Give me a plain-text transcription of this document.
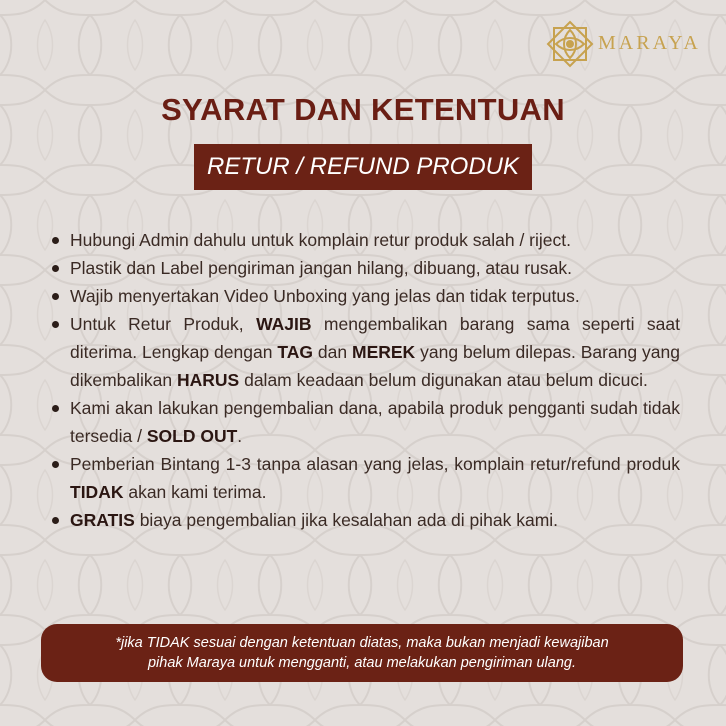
MARAYA
SYARAT DAN KETENTUAN
RETUR / REFUND PRODUK
Hubungi Admin dahulu untuk komplain retur produk salah / riject.
Plastik dan Label pengiriman jangan hilang, dibuang, atau rusak.
Wajib menyertakan Video Unboxing yang jelas dan tidak terputus.
Untuk Retur Produk, WAJIB mengembalikan barang sama seperti saat diterima. Lengkap dengan TAG dan MEREK yang belum dilepas. Barang yang dikembalikan HARUS dalam keadaan belum digunakan atau belum dicuci.
Kami akan lakukan pengembalian dana, apabila produk pengganti sudah tidak tersedia / SOLD OUT.
Pemberian Bintang 1-3 tanpa alasan yang jelas, komplain retur/refund produk TIDAK akan kami terima.
GRATIS biaya pengembalian jika kesalahan ada di pihak kami.
*jika TIDAK sesuai dengan ketentuan diatas, maka bukan menjadi kewajiban
pihak Maraya untuk mengganti, atau melakukan pengiriman ulang.
